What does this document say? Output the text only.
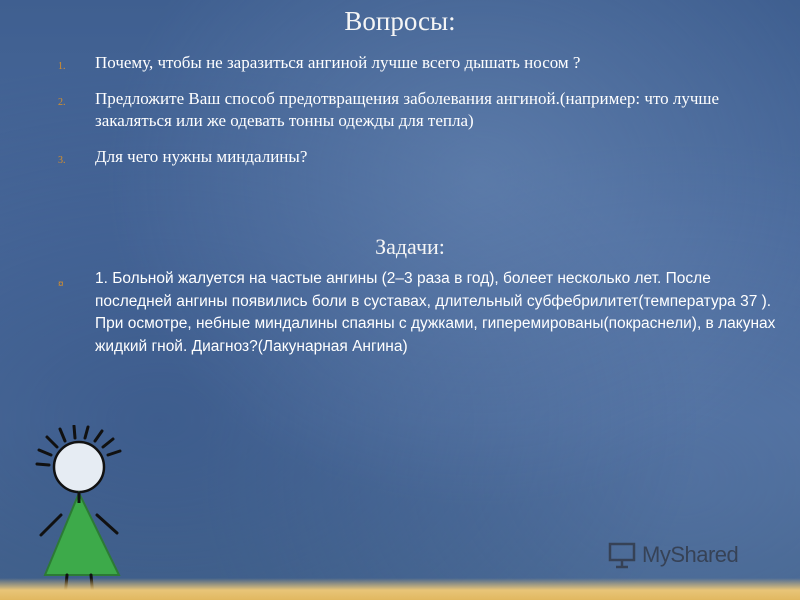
Вопросы:
1. Почему, чтобы не заразиться ангиной лучше всего дышать носом ?
2. Предложите Ваш способ предотвращения заболевания ангиной.(например: что лучше закаляться или же одевать тонны одежды для тепла)
3. Для чего нужны миндалины?
Задачи:
¤ 1. Больной жалуется на частые ангины (2–3 раза в год), болеет несколько лет. После последней ангины появились боли в суставах, длительный субфебрилитет(температура 37 ). При осмотре, небные миндалины спаяны с дужками, гиперемированы(покраснели), в лакунах жидкий гной. Диагноз?(Лакунарная Ангина)
MyShared
